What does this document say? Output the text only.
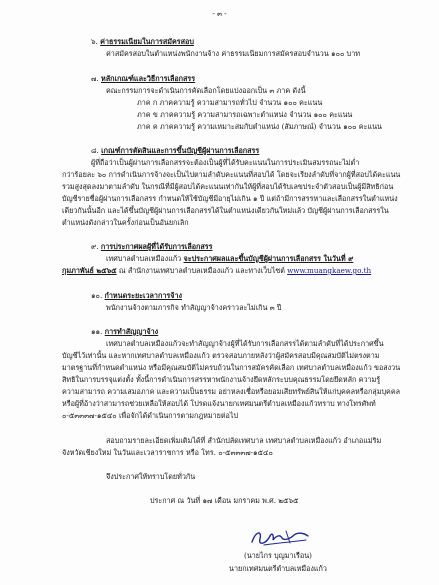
- ๓ -
๖. ค่าธรรมเนียมในการสมัครสอบ
ค่าสมัครสอบในตำแหน่งพนักงานจ้าง ค่าธรรมเนียมการสมัครสอบจำนวน ๑๐๐ บาท
๗. หลักเกณฑ์และวิธีการเลือกสรร
คณะกรรมการจะดำเนินการคัดเลือกโดยแบ่งออกเป็น ๓ ภาค ดังนี้
ภาค ก ภาคความรู้ ความสามารถทั่วไป จำนวน ๑๐๐ คะแนน
ภาค ข ภาคความรู้ ความสามารถเฉพาะตำแหน่ง จำนวน ๑๐๐ คะแนน
ภาค ค ภาคความรู้ ความเหมาะสมกับตำแหน่ง (สัมภาษณ์) จำนวน ๑๐๐ คะแนน
๘. เกณฑ์การตัดสินและการขึ้นบัญชีผู้ผ่านการเลือกสรร
ผู้ที่ถือว่าเป็นผู้ผ่านการเลือกสรรจะต้องเป็นผู้ที่ได้รับคะแนนในการประเมินสมรรถนะไม่ต่ำ
กว่าร้อยละ ๖๐ การดำเนินการจ้างจะเป็นไปตามลำดับคะแนนที่สอบได้ โดยจะเรียงลำดับที่จากผู้ที่สอบได้คะแนน
รวมสูงสุดลงมาตามลำดับ ในกรณีที่มีผู้สอบได้คะแนนเท่ากันให้ผู้ที่สอบได้รับเลขประจำตัวสอบเป็นผู้มีสิทธิก่อน
บัญชีรายชื่อผู้ผ่านการเลือกสรร กำหนดให้ใช้บัญชีมีอายุไม่เกิน ๑ ปี แต่ถ้ามีการสรรหาและเลือกสรรในตำแหน่ง
เดียวกันนั้นอีก และได้ขึ้นบัญชีผู้ผ่านการเลือกสรรได้ในตำแหน่งเดียวกันใหม่แล้ว บัญชีผู้ผ่านการเลือกสรรใน
ตำแหน่งดังกล่าวในครั้งก่อนเป็นอันยกเลิก
๙. การประกาศผลผู้ที่ได้รับการเลือกสรร
เทศบาลตำบลเหมืองแก้ว จะประกาศผลและขึ้นบัญชีผู้ผ่านการเลือกสรร ในวันที่ ๙
กุมภาพันธ์ ๒๕๖๕ ณ สำนักงานเทศบาลตำบลเหมืองแก้ว และทางเว็บไซต์ www.muangkaew.go.th
๑๐. กำหนดระยะเวลาการจ้าง
พนักงานจ้างตามภารกิจ ทำสัญญาจ้างคราวละไม่เกิน ๓ ปี
๑๑. การทำสัญญาจ้าง
เทศบาลตำบลเหมืองแก้วจะทำสัญญาจ้างผู้ที่ได้รับการเลือกสรรได้ตามลำดับที่ได้ประกาศขึ้น
บัญชีไว้เท่านั้น และหากเทศบาลตำบลเหมืองแก้ว ตรวจสอบภายหลังว่าผู้สมัครสอบมีคุณสมบัติไม่ตรงตาม
มาตรฐานที่กำหนดตำแหน่ง หรือมีคุณสมบัติไม่ครบถ้วนในการสมัครคัดเลือก เทศบาลตำบลเหมืองแก้ว ขอสงวน
สิทธิในการบรรจุแต่งตั้ง ทั้งนี้การดำเนินการสรรหาพนักงานจ้างยึดหลักระบบคุณธรรมโดยยึดหลัก ความรู้
ความสามารถ ความเสมอภาค และความเป็นธรรม อย่าหลงเชื่อหรือยอมเสียทรัพย์สินให้แก่บุคคลหรือกลุ่มบุคคล
หรือผู้ที่อ้างว่าสามารถช่วยเหลือให้สอบได้ โปรดแจ้งนายกเทศมนตรีตำบลเหมืองแก้วทราบ ทางโทรศัพท์
๐-๕๓๓๓๗-๑๕๔๐ เพื่อจักได้ดำเนินการตามกฎหมายต่อไป
สอบถามรายละเอียดเพิ่มเติมได้ที่ สำนักปลัดเทศบาล เทศบาลตำบลเหมืองแก้ว อำเภอแม่ริม
จังหวัดเชียงใหม่ ในวันและเวลาราชการ หรือ โทร. ๐-๕๓๓๓๗-๑๕๔๐
จึงประกาศให้ทราบโดยทั่วกัน
ประกาศ ณ วันที่ ๑๗ เดือน มกราคม พ.ศ. ๒๕๖๕
(นายไกร บุญมาเรือน)
นายกเทศมนตรีตำบลเหมืองแก้ว
